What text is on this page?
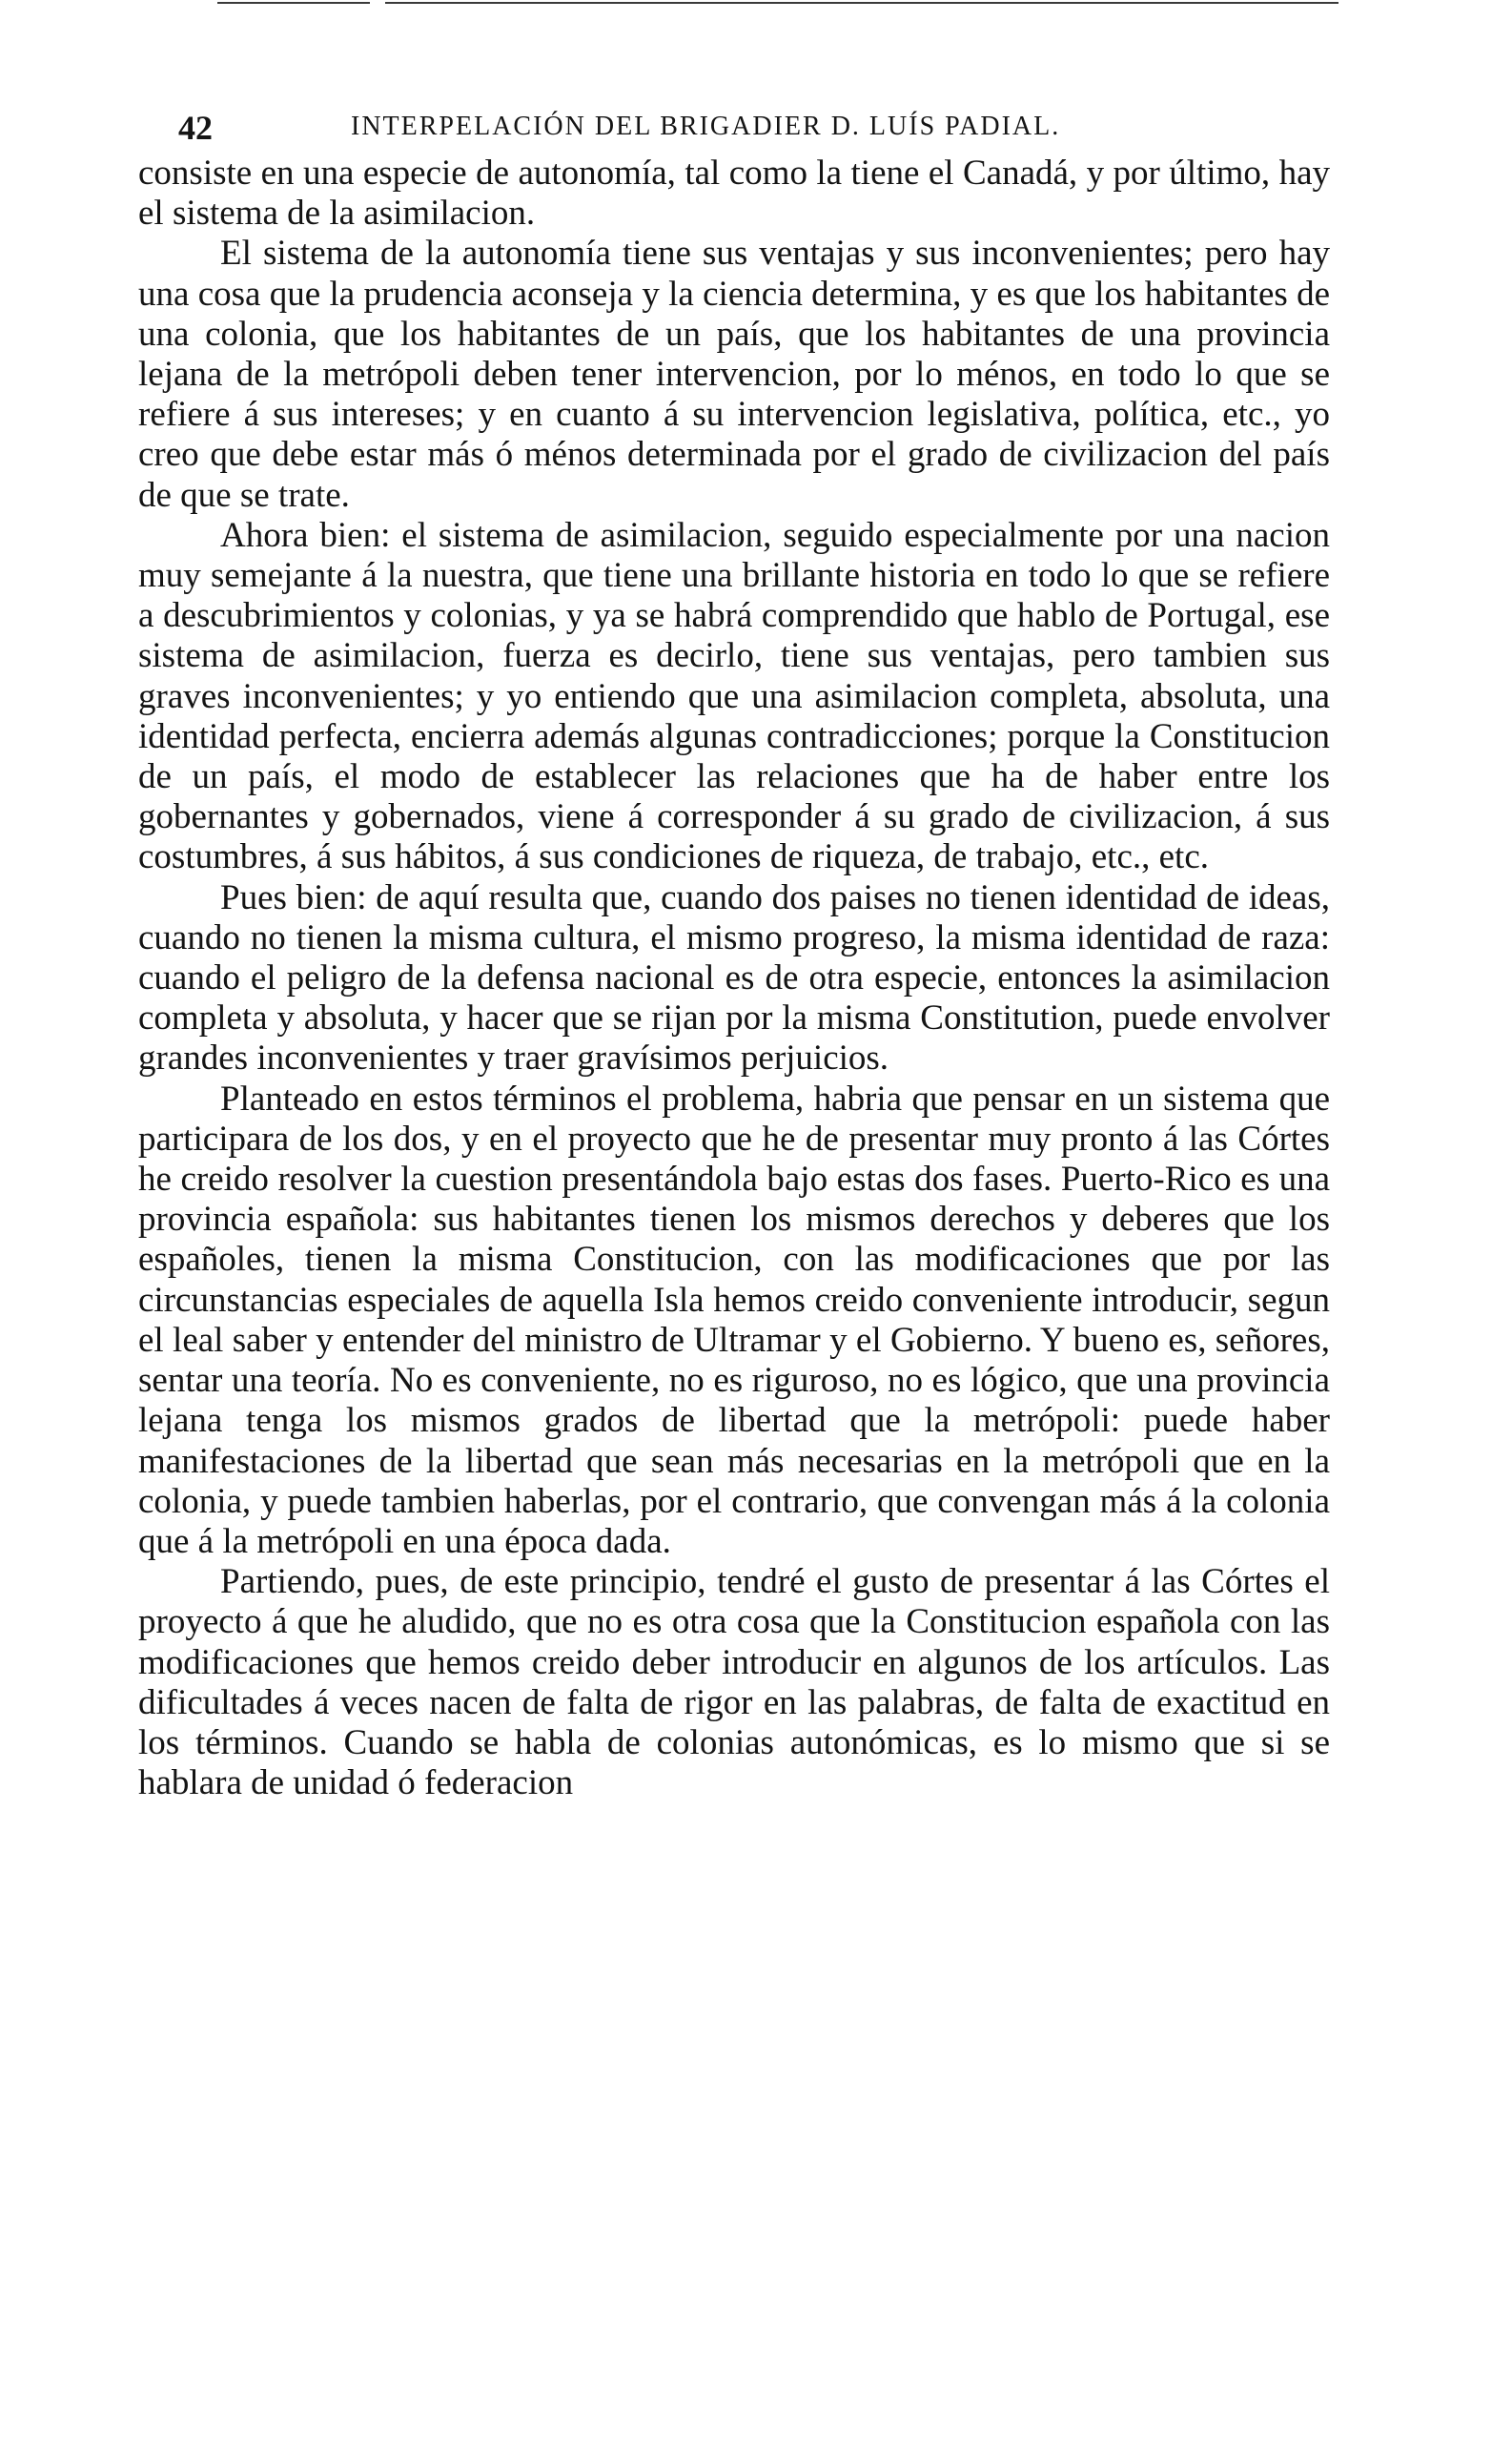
42	INTERPELACIÓN DEL BRIGADIER D. LUÍS PADIAL.

consiste en una especie de autonomía, tal como la tiene el Canadá, y por último, hay el sistema de la asimilacion.

El sistema de la autonomía tiene sus ventajas y sus inconvenientes; pero hay una cosa que la prudencia aconseja y la ciencia determina, y es que los habitantes de una colonia, que los habitantes de un país, que los habitantes de una provincia lejana de la metrópoli deben tener intervencion, por lo ménos, en todo lo que se refiere á sus intereses; y en cuanto á su intervencion legislativa, política, etc., yo creo que debe estar más ó ménos determinada por el grado de civilizacion del país de que se trate.

Ahora bien: el sistema de asimilacion, seguido especialmente por una nacion muy semejante á la nuestra, que tiene una brillante historia en todo lo que se refiere a descubrimientos y colonias, y ya se habrá comprendido que hablo de Portugal, ese sistema de asimilacion, fuerza es decirlo, tiene sus ventajas, pero tambien sus graves inconvenientes; y yo entiendo que una asimilacion completa, absoluta, una identidad perfecta, encierra además algunas contradicciones; porque la Constitucion de un país, el modo de establecer las relaciones que ha de haber entre los gobernantes y gobernados, viene á corresponder á su grado de civilizacion, á sus costumbres, á sus hábitos, á sus condiciones de riqueza, de trabajo, etc., etc.

Pues bien: de aquí resulta que, cuando dos paises no tienen identidad de ideas, cuando no tienen la misma cultura, el mismo progreso, la misma identidad de raza: cuando el peligro de la defensa nacional es de otra especie, entonces la asimilacion completa y absoluta, y hacer que se rijan por la misma Constitution, puede envolver grandes inconvenientes y traer gravísimos perjuicios.

Planteado en estos términos el problema, habria que pensar en un sistema que participara de los dos, y en el proyecto que he de presentar muy pronto á las Córtes he creido resolver la cuestion presentándola bajo estas dos fases. Puerto-Rico es una provincia española: sus habitantes tienen los mismos derechos y deberes que los españoles, tienen la misma Constitucion, con las modificaciones que por las circunstancias especiales de aquella Isla hemos creido conveniente introducir, segun el leal saber y entender del ministro de Ultramar y el Gobierno. Y bueno es, señores, sentar una teoría. No es conveniente, no es riguroso, no es lógico, que una provincia lejana tenga los mismos grados de libertad que la metrópoli: puede haber manifestaciones de la libertad que sean más necesarias en la metrópoli que en la colonia, y puede tambien haberlas, por el contrario, que convengan más á la colonia que á la metrópoli en una época dada.

Partiendo, pues, de este principio, tendré el gusto de presentar á las Córtes el proyecto á que he aludido, que no es otra cosa que la Constitucion española con las modificaciones que hemos creido deber introducir en algunos de los artículos. Las dificultades á veces nacen de falta de rigor en las palabras, de falta de exactitud en los términos. Cuando se habla de colonias autonómicas, es lo mismo que si se hablara de unidad ó federacion
